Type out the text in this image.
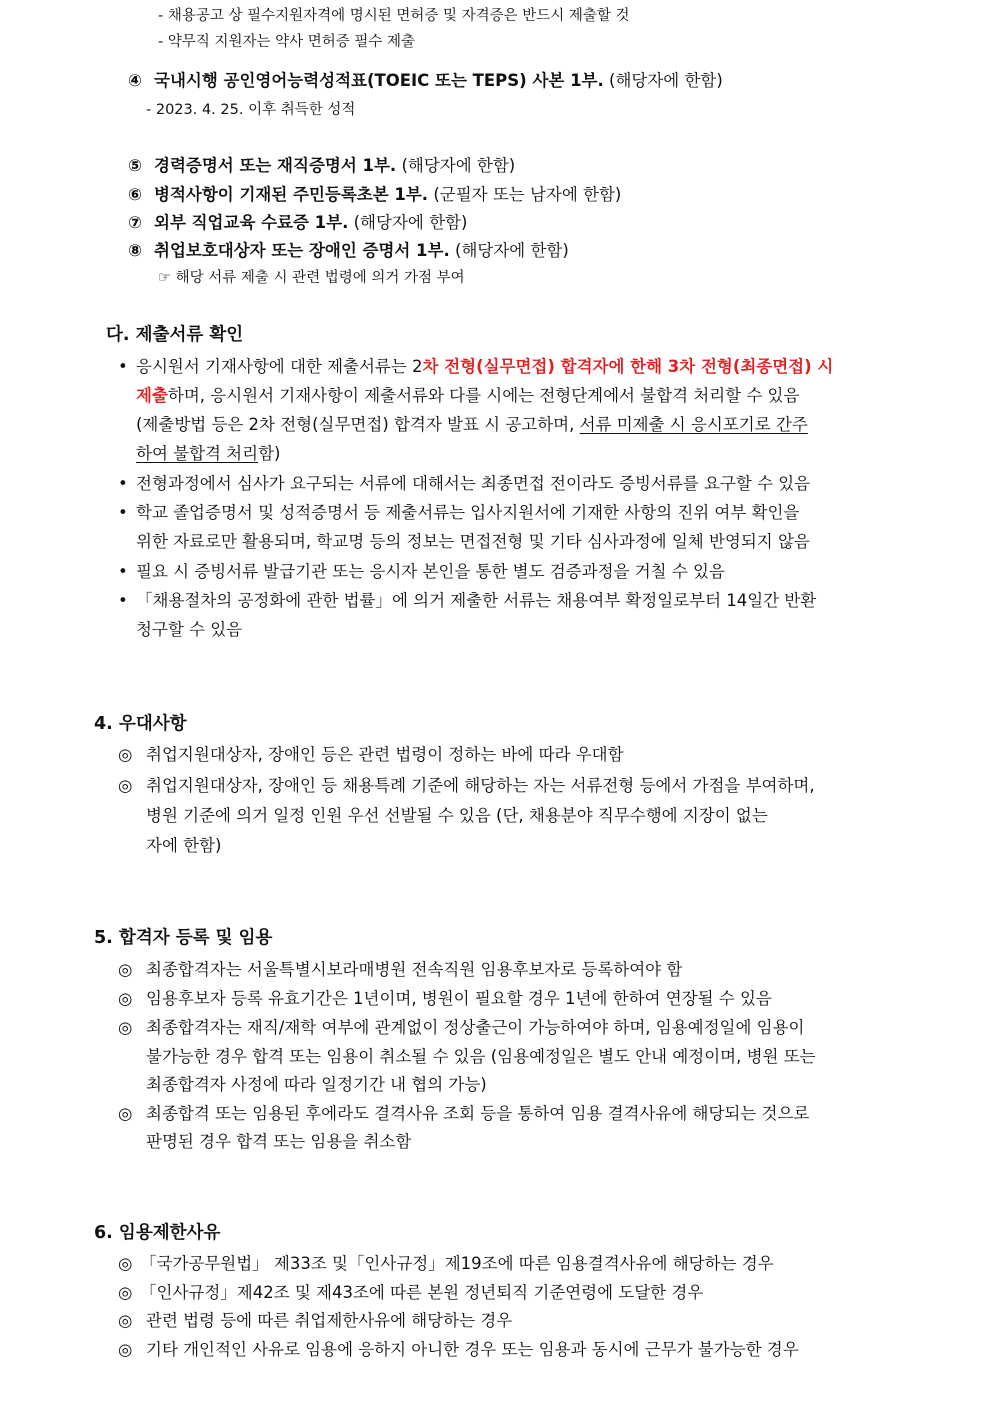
- 채용공고 상 필수지원자격에 명시된 면허증 및 자격증은 반드시 제출할 것
- 약무직 지원자는 약사 면허증 필수 제출
④ 국내시행 공인영어능력성적표(TOEIC 또는 TEPS) 사본 1부. (해당자에 한함)
- 2023. 4. 25. 이후 취득한 성적
⑤ 경력증명서 또는 재직증명서 1부. (해당자에 한함)
⑥ 병적사항이 기재된 주민등록초본 1부. (군필자 또는 남자에 한함)
⑦ 외부 직업교육 수료증 1부. (해당자에 한함)
⑧ 취업보호대상자 또는 장애인 증명서 1부. (해당자에 한함)
☞ 해당 서류 제출 시 관련 법령에 의거 가점 부여
다. 제출서류 확인
• 응시원서 기재사항에 대한 제출서류는 2차 전형(실무면접) 합격자에 한해 3차 전형(최종면접) 시
제출하며, 응시원서 기재사항이 제출서류와 다를 시에는 전형단계에서 불합격 처리할 수 있음
(제출방법 등은 2차 전형(실무면접) 합격자 발표 시 공고하며, 서류 미제출 시 응시포기로 간주
하여 불합격 처리함)
• 전형과정에서 심사가 요구되는 서류에 대해서는 최종면접 전이라도 증빙서류를 요구할 수 있음
• 학교 졸업증명서 및 성적증명서 등 제출서류는 입사지원서에 기재한 사항의 진위 여부 확인을
위한 자료로만 활용되며, 학교명 등의 정보는 면접전형 및 기타 심사과정에 일체 반영되지 않음
• 필요 시 증빙서류 발급기관 또는 응시자 본인을 통한 별도 검증과정을 거칠 수 있음
• 「채용절차의 공정화에 관한 법률」에 의거 제출한 서류는 채용여부 확정일로부터 14일간 반환
청구할 수 있음
4. 우대사항
◎ 취업지원대상자, 장애인 등은 관련 법령이 정하는 바에 따라 우대함
◎ 취업지원대상자, 장애인 등 채용특례 기준에 해당하는 자는 서류전형 등에서 가점을 부여하며,
병원 기준에 의거 일정 인원 우선 선발될 수 있음 (단, 채용분야 직무수행에 지장이 없는
자에 한함)
5. 합격자 등록 및 임용
◎ 최종합격자는 서울특별시보라매병원 전속직원 임용후보자로 등록하여야 함
◎ 임용후보자 등록 유효기간은 1년이며, 병원이 필요할 경우 1년에 한하여 연장될 수 있음
◎ 최종합격자는 재직/재학 여부에 관계없이 정상출근이 가능하여야 하며, 임용예정일에 임용이
불가능한 경우 합격 또는 임용이 취소될 수 있음 (임용예정일은 별도 안내 예정이며, 병원 또는
최종합격자 사정에 따라 일정기간 내 협의 가능)
◎ 최종합격 또는 임용된 후에라도 결격사유 조회 등을 통하여 임용 결격사유에 해당되는 것으로
판명된 경우 합격 또는 임용을 취소함
6. 임용제한사유
◎ 「국가공무원법」 제33조 및「인사규정」제19조에 따른 임용결격사유에 해당하는 경우
◎ 「인사규정」제42조 및 제43조에 따른 본원 정년퇴직 기준연령에 도달한 경우
◎ 관련 법령 등에 따른 취업제한사유에 해당하는 경우
◎ 기타 개인적인 사유로 임용에 응하지 아니한 경우 또는 임용과 동시에 근무가 불가능한 경우
